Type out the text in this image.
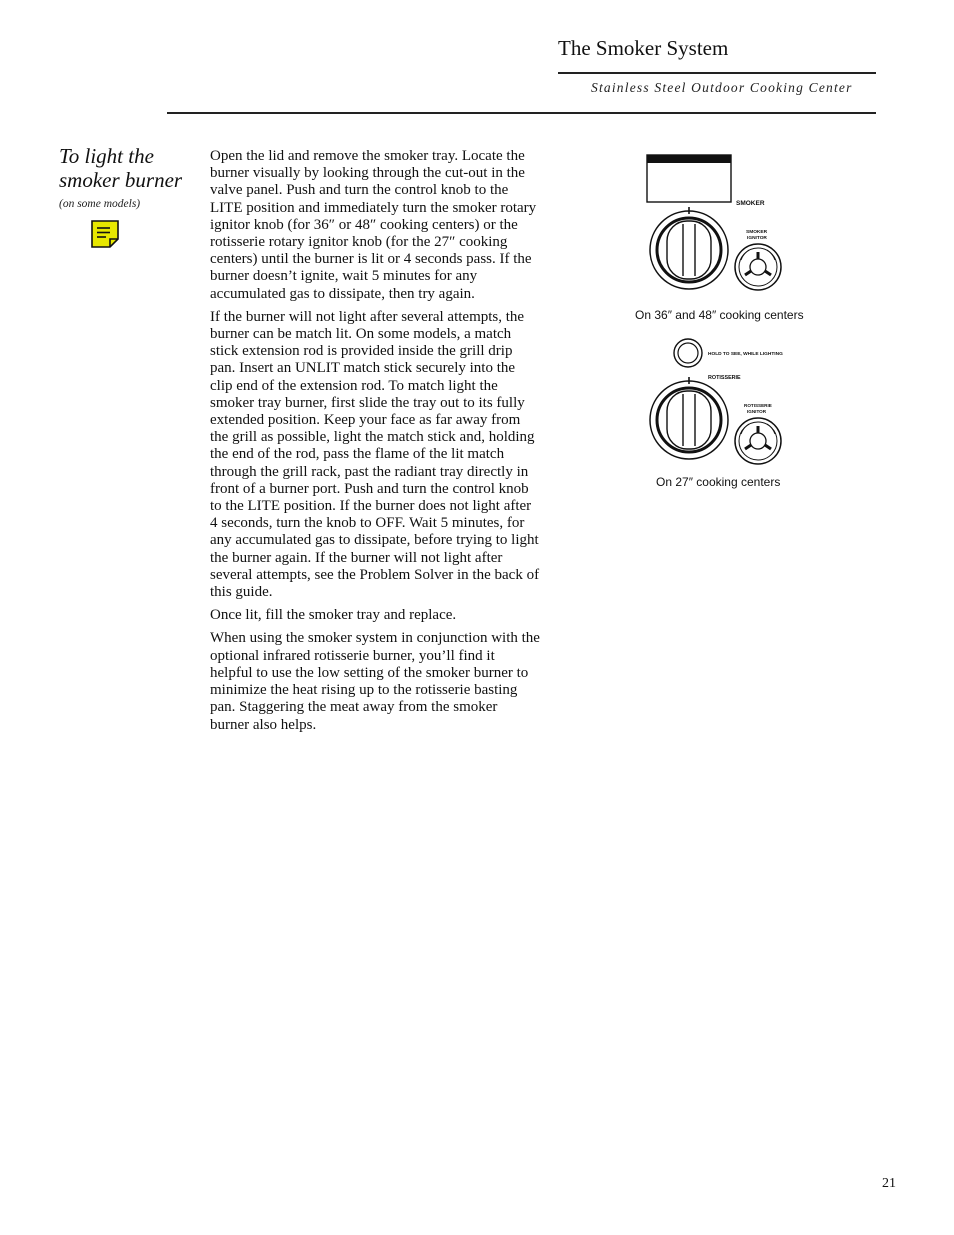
The Smoker System
Stainless Steel Outdoor Cooking Center
To light the smoker burner
(on some models)

Open the lid and remove the smoker tray. Locate the burner visually by looking through the cut-out in the valve panel. Push and turn the control knob to the LITE position and immediately turn the smoker rotary ignitor knob (for 36″ or 48″ cooking centers) or the rotisserie rotary ignitor knob (for the 27″ cooking centers) until the burner is lit or 4 seconds pass. If the burner doesn’t ignite, wait 5 minutes for any accumulated gas to dissipate, then try again.

If the burner will not light after several attempts, the burner can be match lit. On some models, a match stick extension rod is provided inside the grill drip pan. Insert an UNLIT match stick securely into the clip end of the extension rod. To match light the smoker tray burner, first slide the tray out to its fully extended position. Keep your face as far away from the grill as possible, light the match stick and, holding the end of the rod, pass the flame of the lit match through the grill rack, past the radiant tray directly in front of a burner port. Push and turn the control knob to the LITE position. If the burner does not light after 4 seconds, turn the knob to OFF. Wait 5 minutes, for any accumulated gas to dissipate, before trying to light the burner again. If the burner will not light after several attempts, see the Problem Solver in the back of this guide.

Once lit, fill the smoker tray and replace.

When using the smoker system in conjunction with the optional infrared rotisserie burner, you’ll find it helpful to use the low setting of the smoker burner to minimize the heat rising up to the rotisserie basting pan. Staggering the meat away from the smoker burner also helps.

SMOKER
SMOKER
IGNITOR
On 36″ and 48″ cooking centers
HOLD TO SEE, WHILE LIGHTING
ROTISSERIE
ROTISSERIE
IGNITOR
On 27″ cooking centers
21
